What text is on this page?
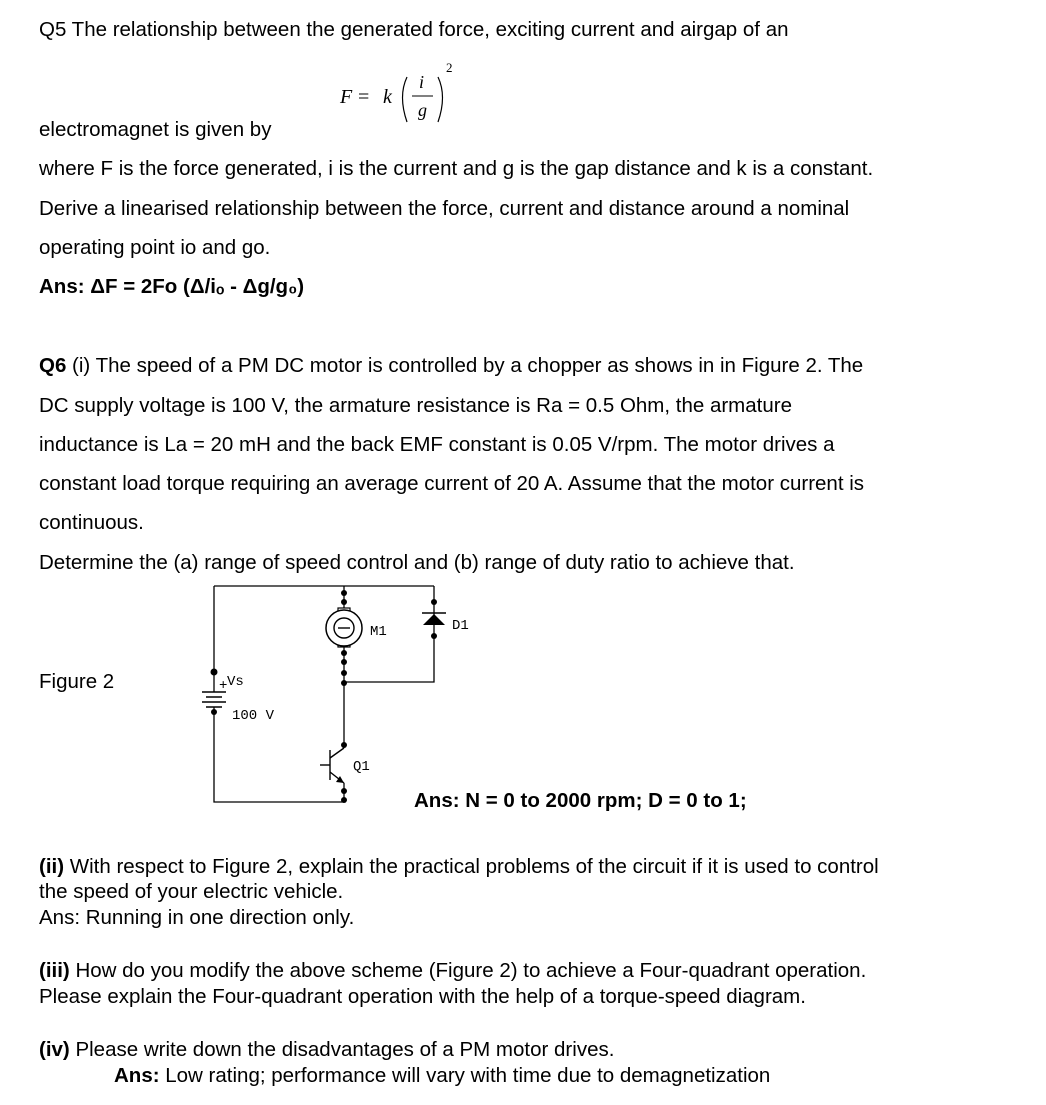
Q5 The relationship between the generated force, exciting current and airgap of an
F = k
i
g
2
electromagnet is given by
where F is the force generated, i is the current and g is the gap distance and k is a constant.
Derive a linearised relationship between the force, current and distance around a nominal
operating point io and go.
Ans: ΔF = 2Fo (Δ/iₒ - Δg/g₀)
Q6 (i) The speed of a PM DC motor is controlled by a chopper as shows in in Figure 2. The
DC supply voltage is 100 V, the armature resistance is Ra = 0.5 Ohm, the armature
inductance is La = 20 mH and the back EMF constant is 0.05 V/rpm. The motor drives a
constant load torque requiring an average current of 20 A. Assume that the motor current is
continuous.
Determine the (a) range of speed control and (b) range of duty ratio to achieve that.
Figure 2
M1	D1
+ Vs
100 V
Q1
Ans: N = 0 to 2000 rpm; D = 0 to 1;
(ii) With respect to Figure 2, explain the practical problems of the circuit if it is used to control
the speed of your electric vehicle.
Ans: Running in one direction only.
(iii) How do you modify the above scheme (Figure 2) to achieve a Four-quadrant operation.
Please explain the Four-quadrant operation with the help of a torque-speed diagram.
(iv) Please write down the disadvantages of a PM motor drives.
Ans: Low rating; performance will vary with time due to demagnetization
